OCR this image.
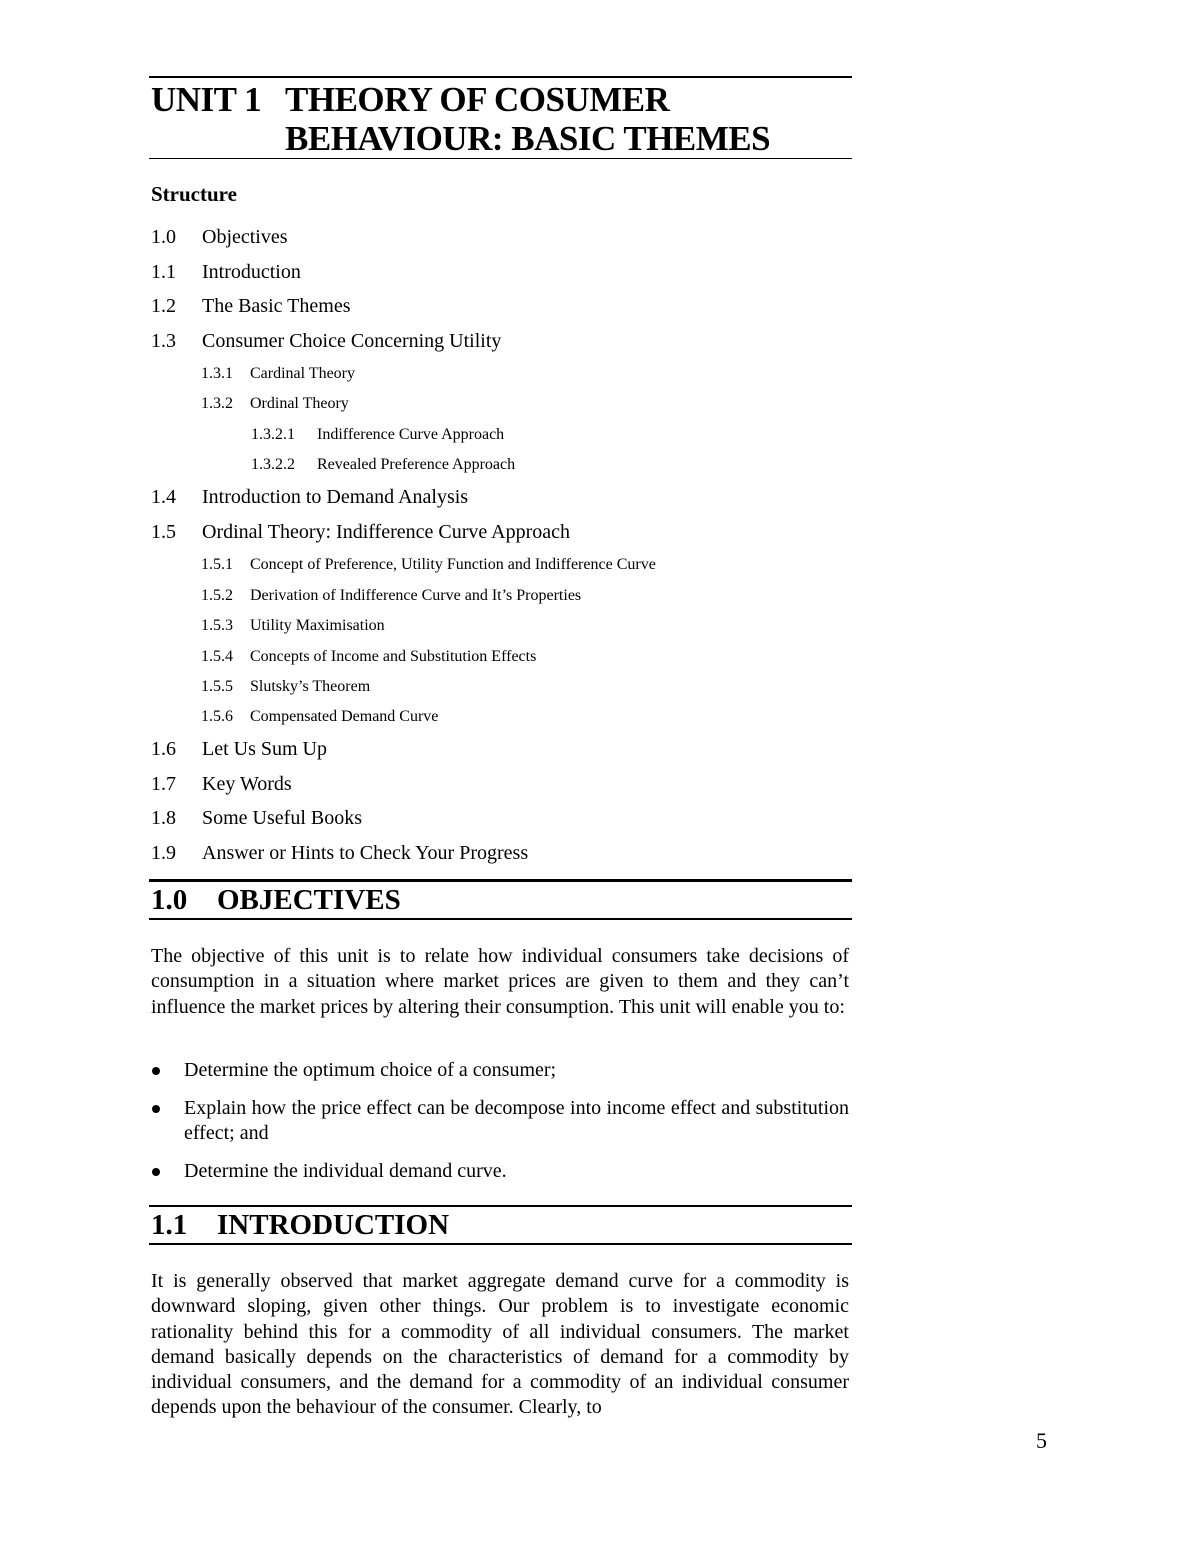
UNIT 1 THEORY OF COSUMER
BEHAVIOUR: BASIC THEMES
Structure
1.0 Objectives
1.1 Introduction
1.2 The Basic Themes
1.3 Consumer Choice Concerning Utility
1.3.1 Cardinal Theory
1.3.2 Ordinal Theory
1.3.2.1 Indifference Curve Approach
1.3.2.2 Revealed Preference Approach
1.4 Introduction to Demand Analysis
1.5 Ordinal Theory: Indifference Curve Approach
1.5.1 Concept of Preference, Utility Function and Indifference Curve
1.5.2 Derivation of Indifference Curve and It’s Properties
1.5.3 Utility Maximisation
1.5.4 Concepts of Income and Substitution Effects
1.5.5 Slutsky’s Theorem
1.5.6 Compensated Demand Curve
1.6 Let Us Sum Up
1.7 Key Words
1.8 Some Useful Books
1.9 Answer or Hints to Check Your Progress
1.0 OBJECTIVES
The objective of this unit is to relate how individual consumers take decisions of consumption in a situation where market prices are given to them and they can’t influence the market prices by altering their consumption. This unit will enable you to:
Determine the optimum choice of a consumer;
Explain how the price effect can be decompose into income effect and substitution effect; and
Determine the individual demand curve.
1.1 INTRODUCTION
It is generally observed that market aggregate demand curve for a commodity is downward sloping, given other things. Our problem is to investigate economic rationality behind this for a commodity of all individual consumers. The market demand basically depends on the characteristics of demand for a commodity by individual consumers, and the demand for a commodity of an individual consumer depends upon the behaviour of the consumer. Clearly, to
5
